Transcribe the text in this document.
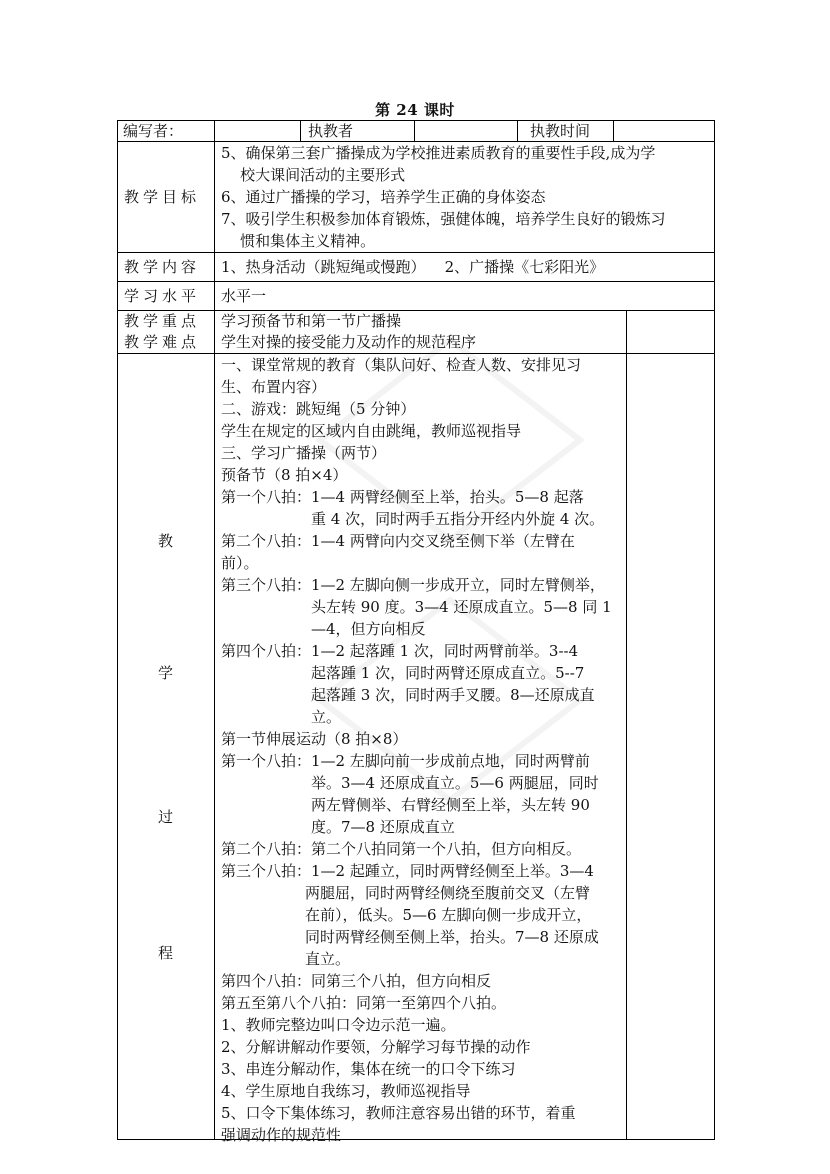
第 24 课时
编写者：	执教者	执教时间
教学目标
5、确保第三套广播操成为学校推进素质教育的重要性手段,成为学
校大课间活动的主要形式
6、通过广播操的学习，培养学生正确的身体姿态
7、吸引学生积极参加体育锻炼，强健体魄，培养学生良好的锻炼习
惯和集体主义精神。
教学内容 1、热身活动（跳短绳或慢跑）    2、广播操《七彩阳光》
学习水平 水平一
教学重点 学习预备节和第一节广播操
教学难点 学生对操的接受能力及动作的规范程序
教
学
过
程
一、课堂常规的教育（集队问好、检查人数、安排见习
生、布置内容）
二、游戏：跳短绳（5 分钟）
学生在规定的区域内自由跳绳，教师巡视指导
三、学习广播操（两节）
预备节（8 拍×4）
第一个八拍：1—4 两臂经侧至上举，抬头。5—8 起落
重 4 次，同时两手五指分开经内外旋 4 次。
第二个八拍：1—4 两臂向内交叉绕至侧下举（左臂在
前）。
第三个八拍：1—2 左脚向侧一步成开立，同时左臂侧举，
头左转 90 度。3—4 还原成直立。5—8 同 1
—4，但方向相反
第四个八拍：1—2 起落踵 1 次，同时两臂前举。3--4
起落踵 1 次，同时两臂还原成直立。5--7
起落踵 3 次，同时两手叉腰。8—还原成直
立。
第一节伸展运动（8 拍×8）
第一个八拍：1—2 左脚向前一步成前点地，同时两臂前
举。3—4 还原成直立。5—6 两腿屈，同时
两左臂侧举、右臂经侧至上举，头左转 90
度。7—8 还原成直立
第二个八拍：第二个八拍同第一个八拍，但方向相反。
第三个八拍：1—2 起踵立，同时两臂经侧至上举。3—4
两腿屈，同时两臂经侧绕至腹前交叉（左臂
在前），低头。5—6 左脚向侧一步成开立，
同时两臂经侧至侧上举，抬头。7—8 还原成
直立。
第四个八拍：同第三个八拍，但方向相反
第五至第八个八拍：同第一至第四个八拍。
1、教师完整边叫口令边示范一遍。
2、分解讲解动作要领，分解学习每节操的动作
3、串连分解动作，集体在统一的口令下练习
4、学生原地自我练习，教师巡视指导
5、口令下集体练习，教师注意容易出错的环节，着重
强调动作的规范性
